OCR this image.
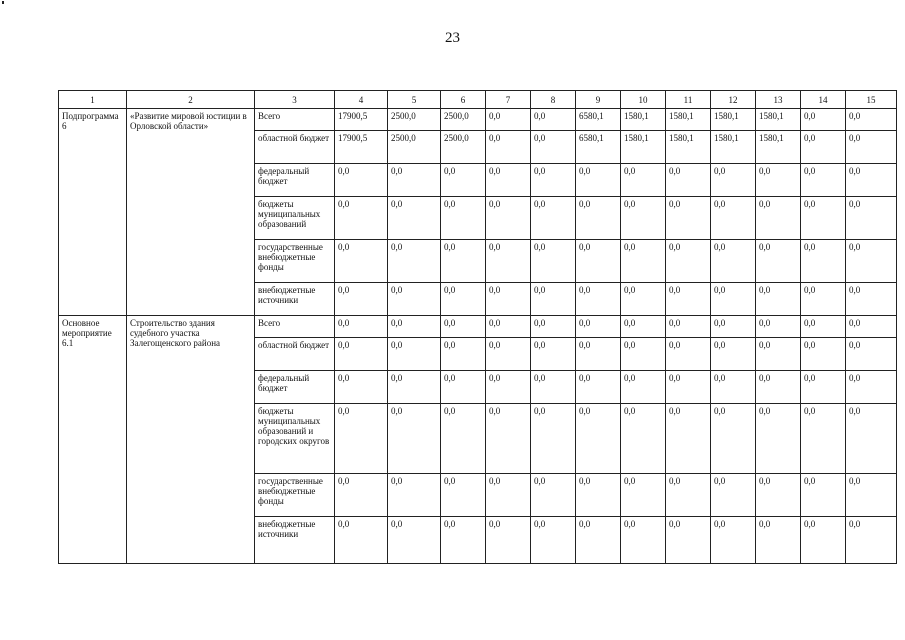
23
1	2	3	4	5	6	7	8	9	10	11	12	13	14	15
Подпрограмма 6	«Развитие мировой юстиции в Орловской области»	Всего	17900,5	2500,0	2500,0	0,0	0,0	6580,1	1580,1	1580,1	1580,1	1580,1	0,0	0,0
		областной бюджет	17900,5	2500,0	2500,0	0,0	0,0	6580,1	1580,1	1580,1	1580,1	1580,1	0,0	0,0
		федеральный бюджет	0,0	0,0	0,0	0,0	0,0	0,0	0,0	0,0	0,0	0,0	0,0	0,0
		бюджеты муниципальных образований	0,0	0,0	0,0	0,0	0,0	0,0	0,0	0,0	0,0	0,0	0,0	0,0
		государственные внебюджетные фонды	0,0	0,0	0,0	0,0	0,0	0,0	0,0	0,0	0,0	0,0	0,0	0,0
		внебюджетные источники	0,0	0,0	0,0	0,0	0,0	0,0	0,0	0,0	0,0	0,0	0,0	0,0
Основное мероприятие 6.1	Строительство здания судебного участка Залегощенского района	Всего	0,0	0,0	0,0	0,0	0,0	0,0	0,0	0,0	0,0	0,0	0,0	0,0
		областной бюджет	0,0	0,0	0,0	0,0	0,0	0,0	0,0	0,0	0,0	0,0	0,0	0,0
		федеральный бюджет	0,0	0,0	0,0	0,0	0,0	0,0	0,0	0,0	0,0	0,0	0,0	0,0
		бюджеты муниципальных образований и городских округов	0,0	0,0	0,0	0,0	0,0	0,0	0,0	0,0	0,0	0,0	0,0	0,0
		государственные внебюджетные фонды	0,0	0,0	0,0	0,0	0,0	0,0	0,0	0,0	0,0	0,0	0,0	0,0
		внебюджетные источники	0,0	0,0	0,0	0,0	0,0	0,0	0,0	0,0	0,0	0,0	0,0	0,0
